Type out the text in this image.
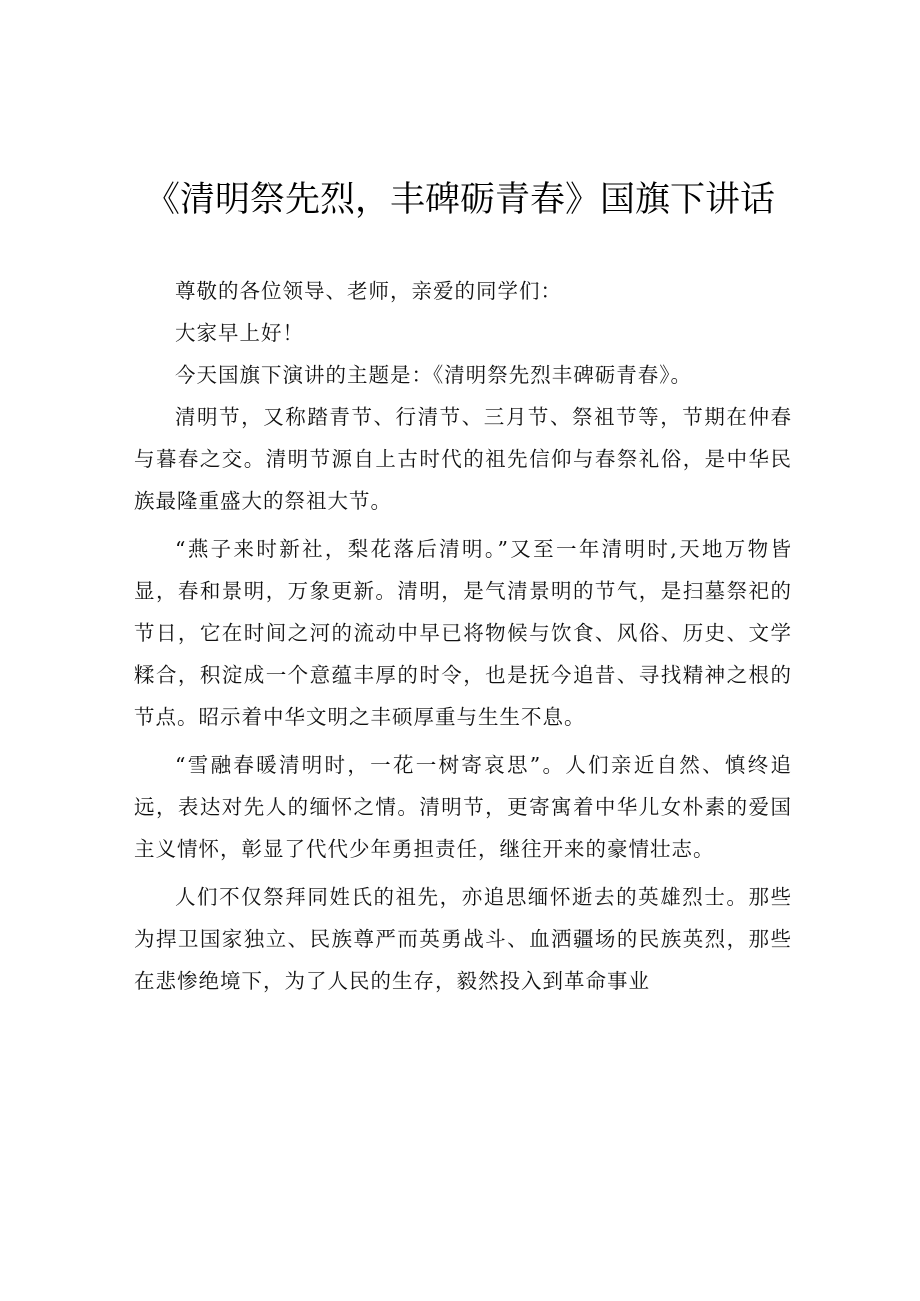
《清明祭先烈，丰碑砺青春》国旗下讲话

尊敬的各位领导、老师，亲爱的同学们：

大家早上好！

今天国旗下演讲的主题是：《清明祭先烈丰碑砺青春》。

清明节，又称踏青节、行清节、三月节、祭祖节等，节期在仲春与暮春之交。清明节源自上古时代的祖先信仰与春祭礼俗，是中华民族最隆重盛大的祭祖大节。

“燕子来时新社，梨花落后清明。”又至一年清明时,天地万物皆显，春和景明，万象更新。清明，是气清景明的节气，是扫墓祭祀的节日，它在时间之河的流动中早已将物候与饮食、风俗、历史、文学糅合，积淀成一个意蕴丰厚的时令，也是抚今追昔、寻找精神之根的节点。昭示着中华文明之丰硕厚重与生生不息。

“雪融春暖清明时，一花一树寄哀思”。人们亲近自然、慎终追远，表达对先人的缅怀之情。清明节，更寄寓着中华儿女朴素的爱国主义情怀，彰显了代代少年勇担责任，继往开来的豪情壮志。

人们不仅祭拜同姓氏的祖先，亦追思缅怀逝去的英雄烈士。那些为捍卫国家独立、民族尊严而英勇战斗、血洒疆场的民族英烈，那些在悲惨绝境下，为了人民的生存，毅然投入到革命事业
